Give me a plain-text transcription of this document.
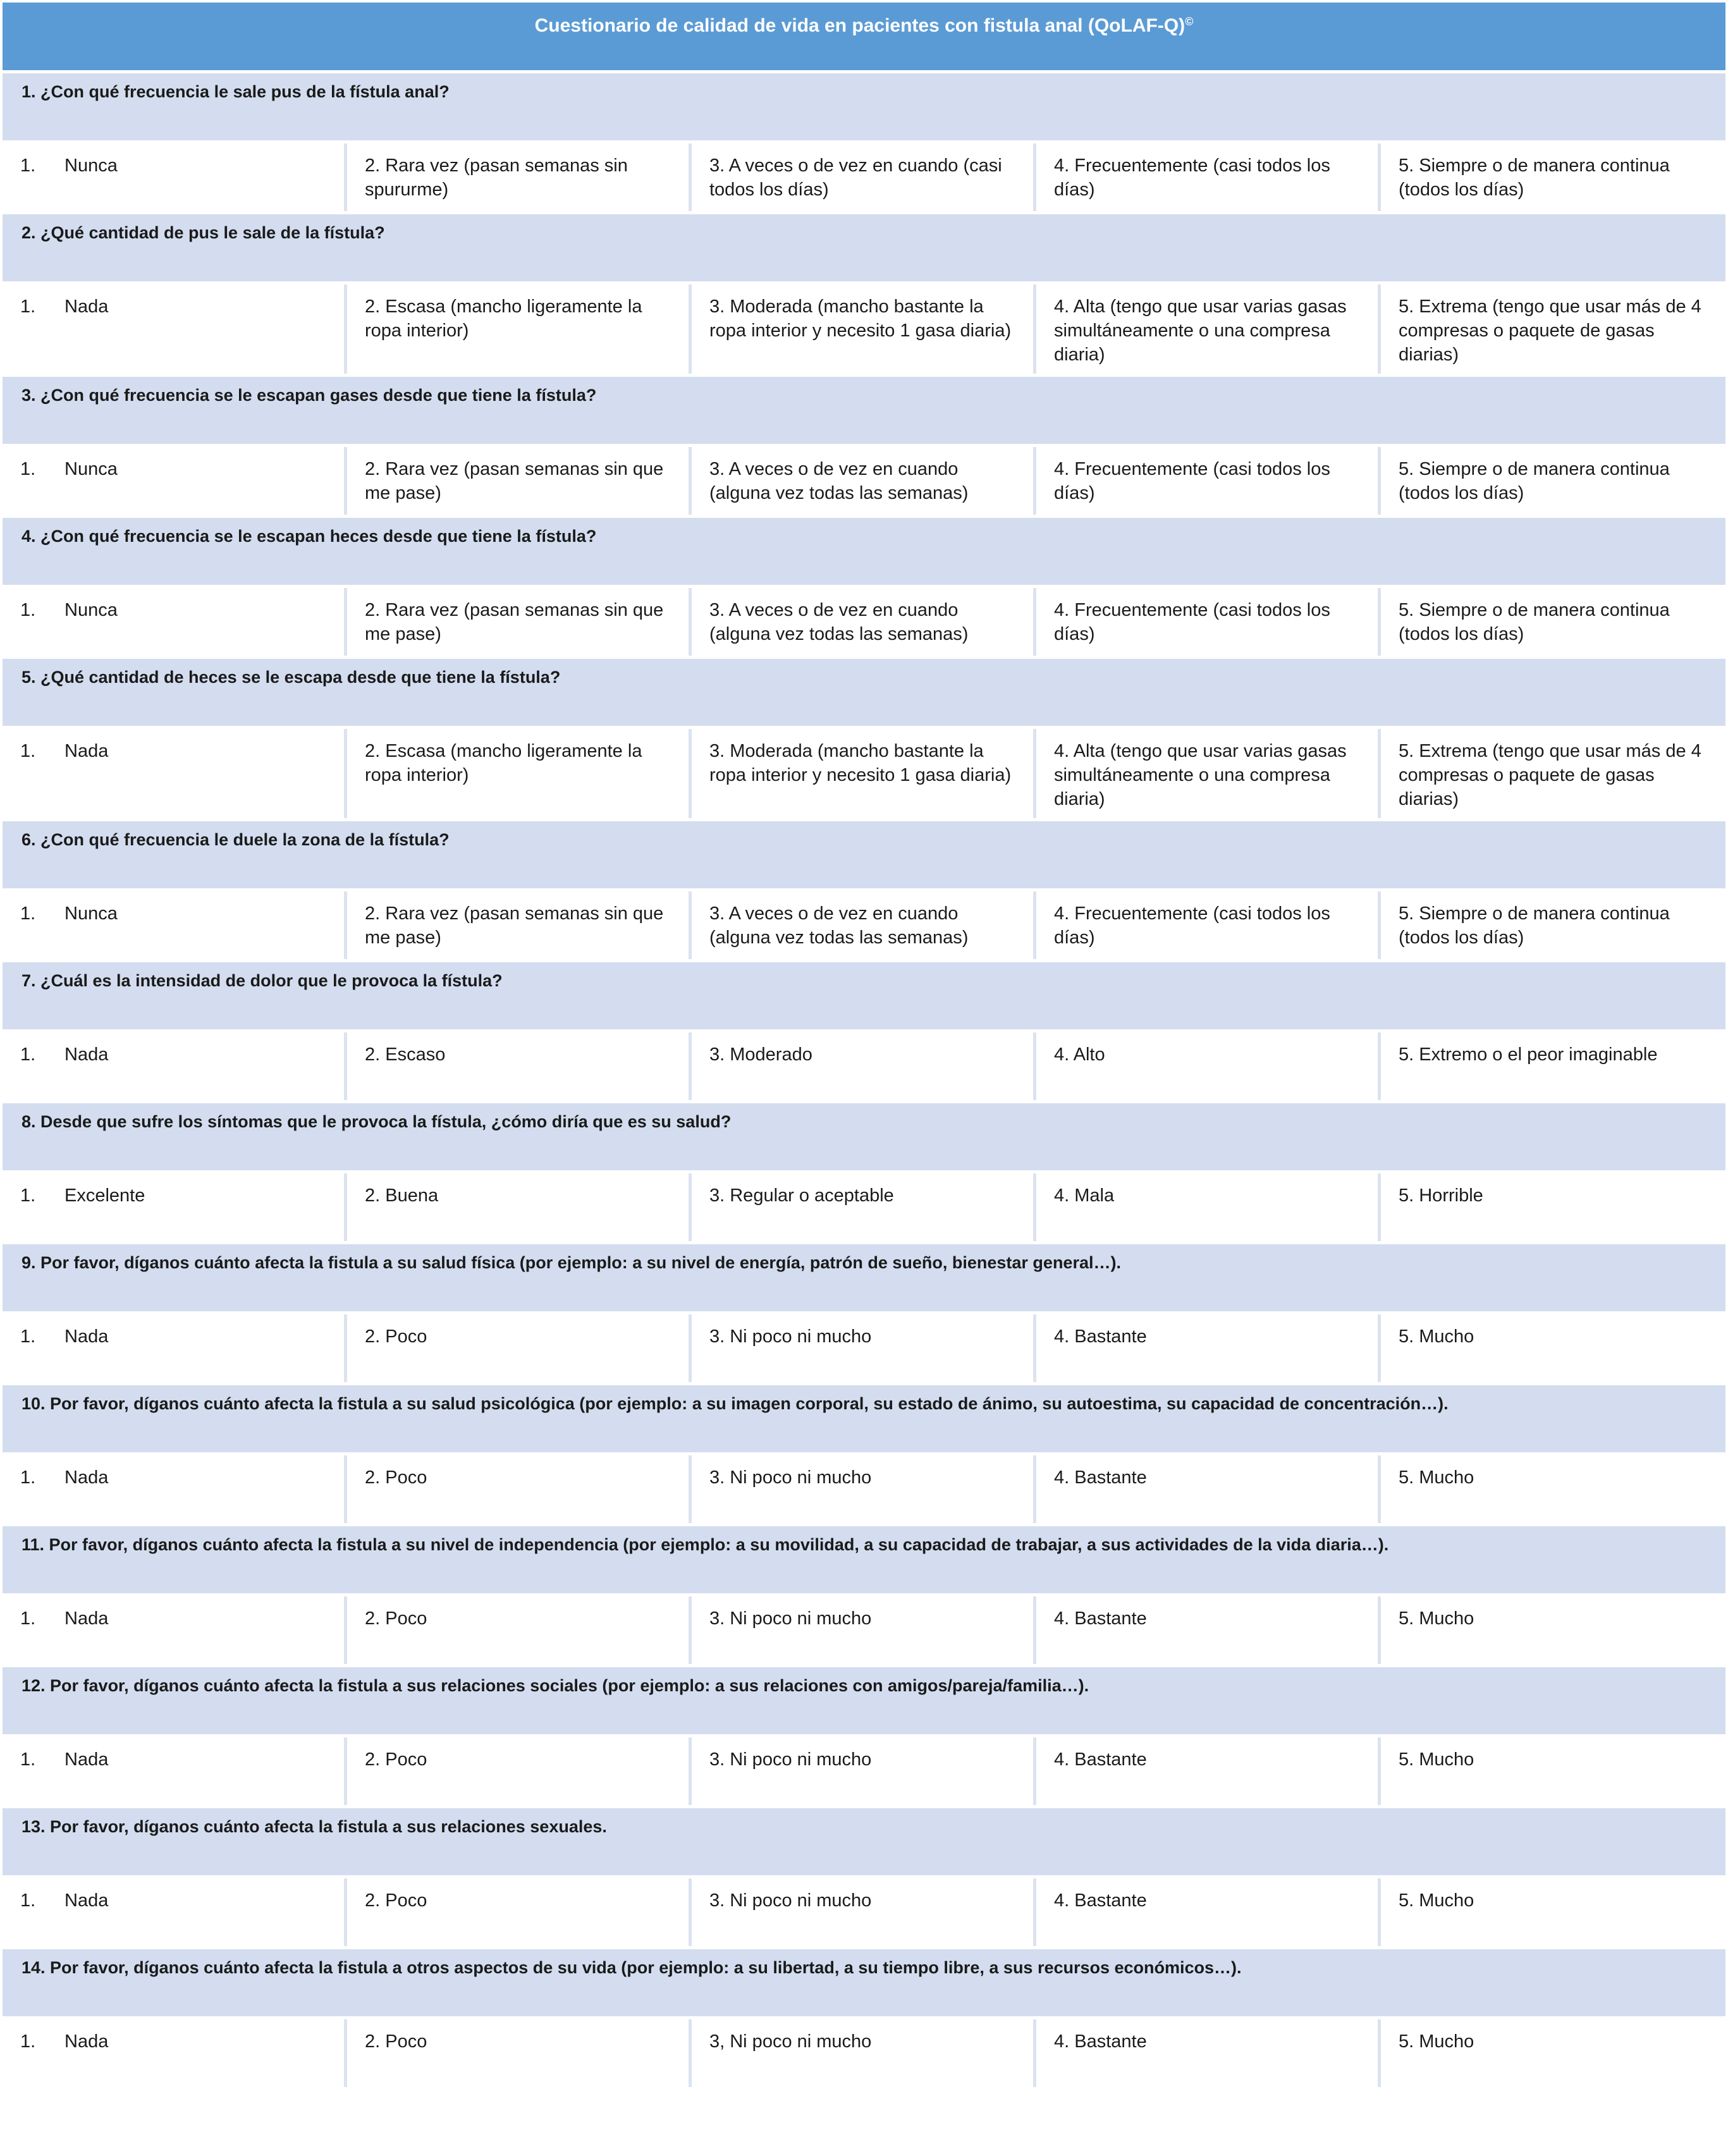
Cuestionario de calidad de vida en pacientes con fistula anal (QoLAF-Q)©
1. ¿Con qué frecuencia le sale pus de la fístula anal?				
1. Nunca	2. Rara vez (pasan semanas sin spururme)	3. A veces o de vez en cuando (casi todos los días)	4. Frecuentemente (casi todos los días)	5. Siempre o de manera continua (todos los días)
2. ¿Qué cantidad de pus le sale de la fístula?				
1. Nada	2. Escasa (mancho ligeramente la ropa interior)	3. Moderada (mancho bastante la ropa interior y necesito 1 gasa diaria)	4. Alta (tengo que usar varias gasas simultáneamente o una compresa diaria)	5. Extrema (tengo que usar más de 4 compresas o paquete de gasas diarias)
3. ¿Con qué frecuencia se le escapan gases desde que tiene la fístula?				
1. Nunca	2. Rara vez (pasan semanas sin que me pase)	3. A veces o de vez en cuando (alguna vez todas las semanas)	4. Frecuentemente (casi todos los días)	5. Siempre o de manera continua (todos los días)
4. ¿Con qué frecuencia se le escapan heces desde que tiene la fístula?				
1. Nunca	2. Rara vez (pasan semanas sin que me pase)	3. A veces o de vez en cuando (alguna vez todas las semanas)	4. Frecuentemente (casi todos los días)	5. Siempre o de manera continua (todos los días)
5. ¿Qué cantidad de heces se le escapa desde que tiene la fístula?				
1. Nada	2. Escasa (mancho ligeramente la ropa interior)	3. Moderada (mancho bastante la ropa interior y necesito 1 gasa diaria)	4. Alta (tengo que usar varias gasas simultáneamente o una compresa diaria)	5. Extrema (tengo que usar más de 4 compresas o paquete de gasas diarias)
6. ¿Con qué frecuencia le duele la zona de la fístula?				
1. Nunca	2. Rara vez (pasan semanas sin que me pase)	3. A veces o de vez en cuando (alguna vez todas las semanas)	4. Frecuentemente (casi todos los días)	5. Siempre o de manera continua (todos los días)
7. ¿Cuál es la intensidad de dolor que le provoca la fístula?				
1. Nada	2. Escaso	3. Moderado	4. Alto	5. Extremo o el peor imaginable
8. Desde que sufre los síntomas que le provoca la fístula, ¿cómo diría que es su salud?				
1. Excelente	2. Buena	3. Regular o aceptable	4. Mala	5. Horrible
9. Por favor, díganos cuánto afecta la fistula a su salud física (por ejemplo: a su nivel de energía, patrón de sueño, bienestar general…).				
1. Nada	2. Poco	3. Ni poco ni mucho	4. Bastante	5. Mucho
10. Por favor, díganos cuánto afecta la fistula a su salud psicológica (por ejemplo: a su imagen corporal, su estado de ánimo, su autoestima, su capacidad de concentración…).				
1. Nada	2. Poco	3. Ni poco ni mucho	4. Bastante	5. Mucho
11. Por favor, díganos cuánto afecta la fistula a su nivel de independencia (por ejemplo: a su movilidad, a su capacidad de trabajar, a sus actividades de la vida diaria…).				
1. Nada	2. Poco	3. Ni poco ni mucho	4. Bastante	5. Mucho
12. Por favor, díganos cuánto afecta la fistula a sus relaciones sociales (por ejemplo: a sus relaciones con amigos/pareja/familia…).				
1. Nada	2. Poco	3. Ni poco ni mucho	4. Bastante	5. Mucho
13. Por favor, díganos cuánto afecta la fistula a sus relaciones sexuales.				
1. Nada	2. Poco	3. Ni poco ni mucho	4. Bastante	5. Mucho
14. Por favor, díganos cuánto afecta la fistula a otros aspectos de su vida (por ejemplo: a su libertad, a su tiempo libre, a sus recursos económicos…).				
1. Nada	2. Poco	3, Ni poco ni mucho	4. Bastante	5. Mucho
